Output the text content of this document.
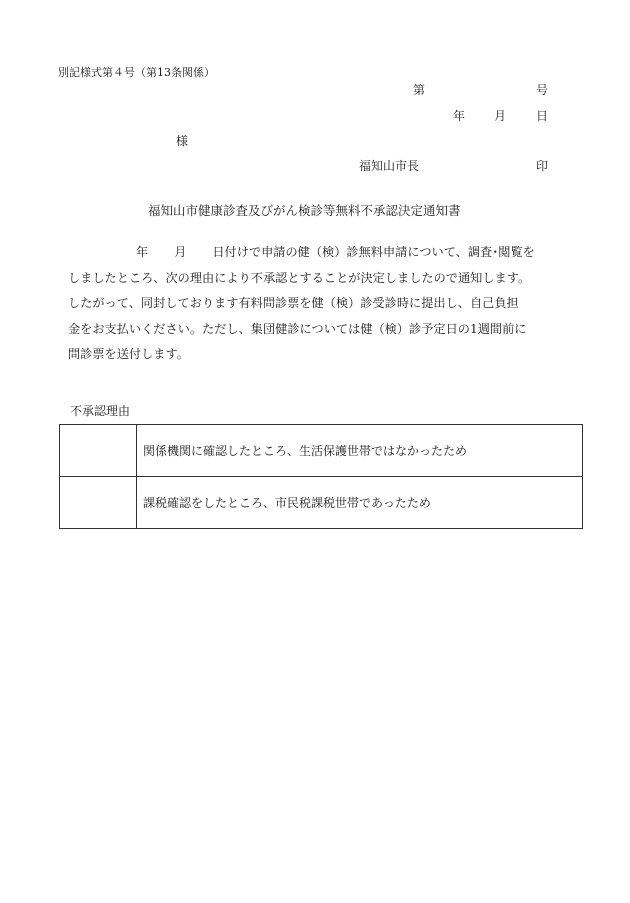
別記様式第４号（第13条関係）
第	号
年 月 日
様
福知山市長	印
福知山市健康診査及びがん検診等無料不承認決定通知書
年 月 日付けで申請の健（検）診無料申請について、調査･閲覧を
しましたところ、次の理由により不承認とすることが決定しましたので通知します。
したがって、同封しております有料問診票を健（検）診受診時に提出し、自己負担
金をお支払いください。ただし、集団健診については健（検）診予定日の1週間前に
問診票を送付します。
不承認理由
	関係機関に確認したところ、生活保護世帯ではなかったため
	課税確認をしたところ、市民税課税世帯であったため
